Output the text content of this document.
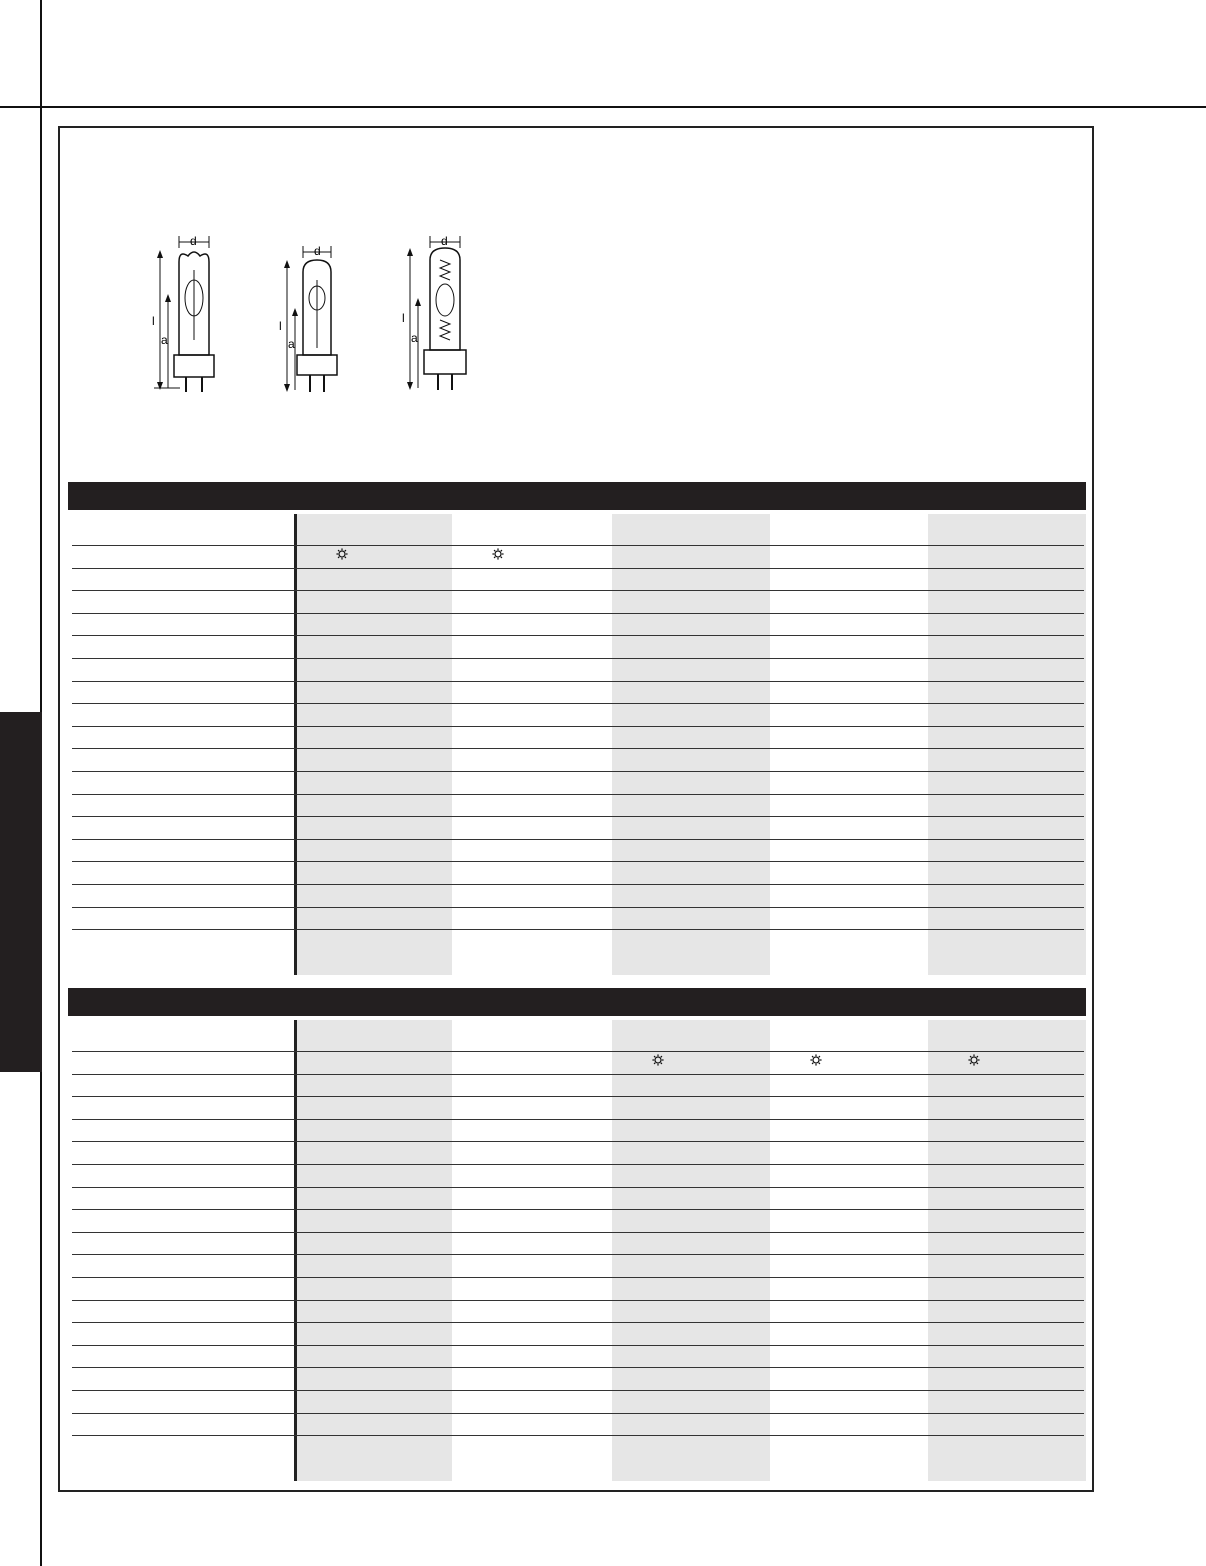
d
l
a
d
l
a
d
l
a
